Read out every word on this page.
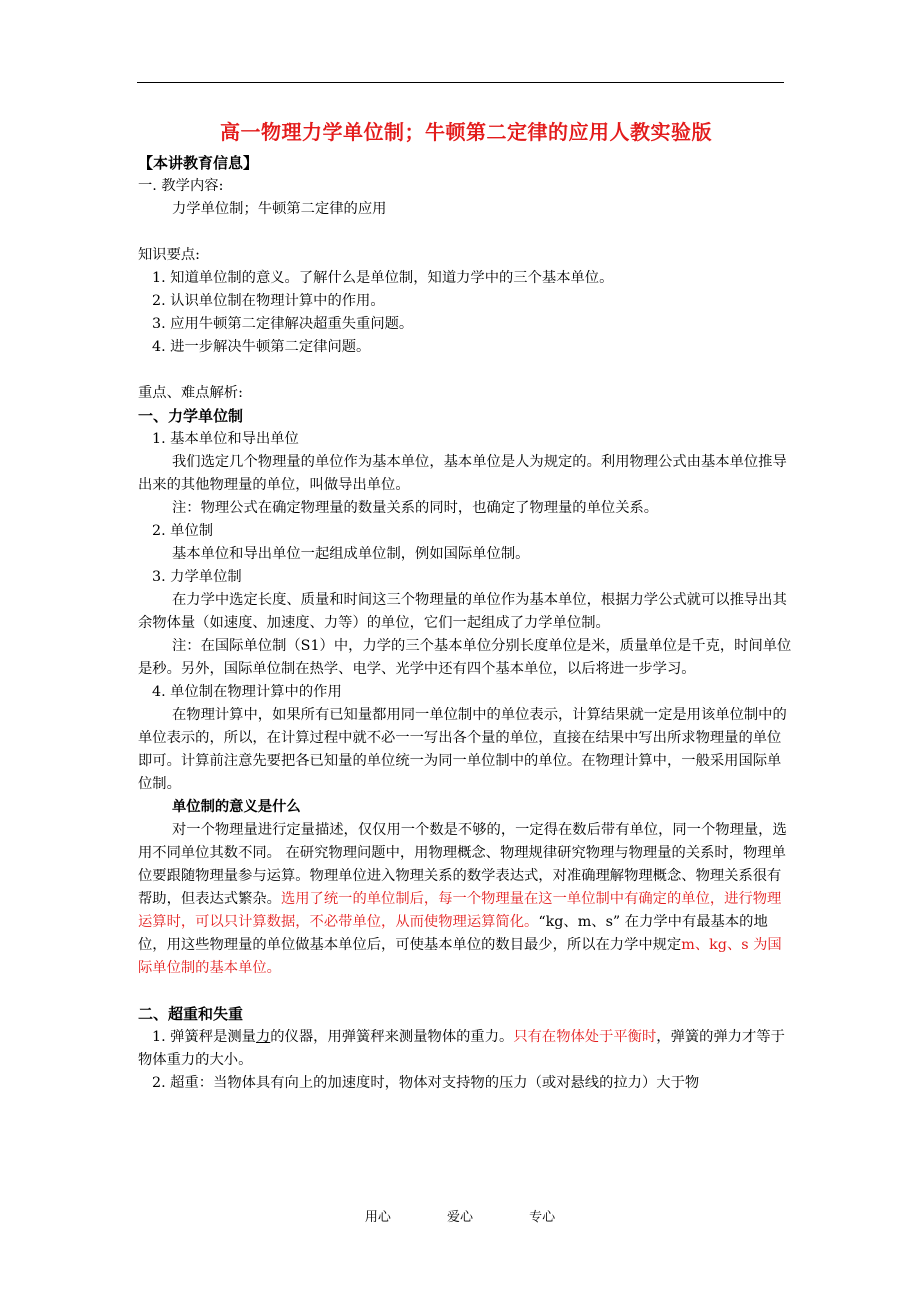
高一物理力学单位制；牛顿第二定律的应用人教实验版
【本讲教育信息】
一. 教学内容:
力学单位制；牛顿第二定律的应用
知识要点:
1. 知道单位制的意义。了解什么是单位制，知道力学中的三个基本单位。
2. 认识单位制在物理计算中的作用。
3. 应用牛顿第二定律解决超重失重问题。
4. 进一步解决牛顿第二定律问题。
重点、难点解析:
一、力学单位制
1. 基本单位和导出单位
我们选定几个物理量的单位作为基本单位，基本单位是人为规定的。利用物理公式由基本单位推导出来的其他物理量的单位，叫做导出单位。
注：物理公式在确定物理量的数量关系的同时，也确定了物理量的单位关系。
2. 单位制
基本单位和导出单位一起组成单位制，例如国际单位制。
3. 力学单位制
在力学中选定长度、质量和时间这三个物理量的单位作为基本单位，根据力学公式就可以推导出其余物体量（如速度、加速度、力等）的单位，它们一起组成了力学单位制。
注：在国际单位制（S1）中，力学的三个基本单位分别长度单位是米，质量单位是千克，时间单位是秒。另外，国际单位制在热学、电学、光学中还有四个基本单位，以后将进一步学习。
4. 单位制在物理计算中的作用
在物理计算中，如果所有已知量都用同一单位制中的单位表示，计算结果就一定是用该单位制中的单位表示的，所以，在计算过程中就不必一一写出各个量的单位，直接在结果中写出所求物理量的单位即可。计算前注意先要把各已知量的单位统一为同一单位制中的单位。在物理计算中，一般采用国际单位制。
单位制的意义是什么
对一个物理量进行定量描述，仅仅用一个数是不够的，一定得在数后带有单位，同一个物理量，选用不同单位其数不同。 在研究物理问题中，用物理概念、物理规律研究物理与物理量的关系时，物理单位要跟随物理量参与运算。物理单位进入物理关系的数学表达式，对准确理解物理概念、物理关系很有帮助，但表达式繁杂。选用了统一的单位制后，每一个物理量在这一单位制中有确定的单位，进行物理运算时，可以只计算数据，不必带单位，从而使物理运算简化。“kg、m、s” 在力学中有最基本的地位，用这些物理量的单位做基本单位后，可使基本单位的数目最少，所以在力学中规定m、kg、s 为国际单位制的基本单位。
二、超重和失重
1. 弹簧秤是测量力的仪器，用弹簧秤来测量物体的重力。只有在物体处于平衡时，弹簧的弹力才等于物体重力的大小。
2. 超重：当物体具有向上的加速度时，物体对支持物的压力（或对悬线的拉力）大于物
用心	爱心	专心
